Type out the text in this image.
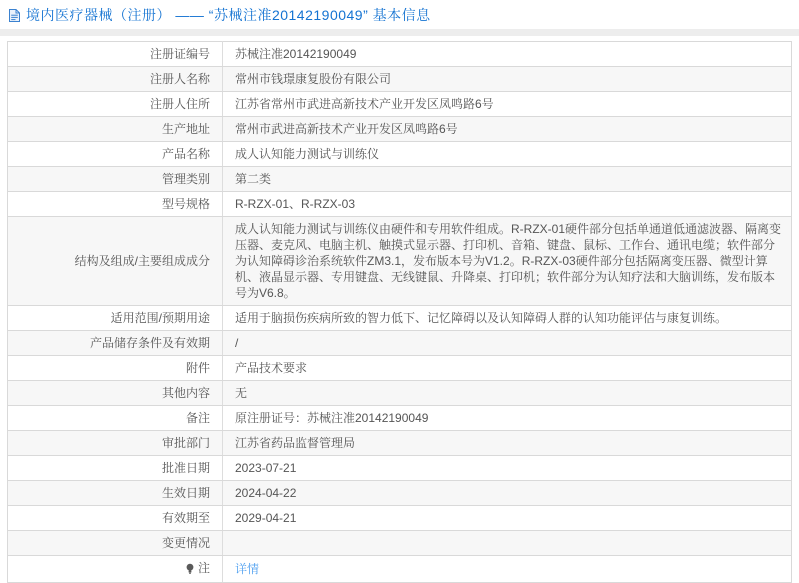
境内医疗器械（注册） —— “苏械注准20142190049” 基本信息
注册证编号	苏械注准20142190049

注册人名称	常州市钱璟康复股份有限公司

注册人住所	江苏省常州市武进高新技术产业开发区凤鸣路6号

生产地址	常州市武进高新技术产业开发区凤鸣路6号

产品名称	成人认知能力测试与训练仪

管理类别	第二类

型号规格	R-RZX-01、R-RZX-03

结构及组成/主要组成成分	成人认知能力测试与训练仪由硬件和专用软件组成。R-RZX-01硬件部分包括单通道低通滤波器、隔离变压器、麦克风、电脑主机、触摸式显示器、打印机、音箱、键盘、鼠标、工作台、通讯电缆；软件部分为认知障碍诊治系统软件ZM3.1，发布版本号为V1.2。R-RZX-03硬件部分包括隔离变压器、微型计算机、液晶显示器、专用键盘、无线键鼠、升降桌、打印机；软件部分为认知疗法和大脑训练，发布版本号为V6.8。

适用范围/预期用途	适用于脑损伤疾病所致的智力低下、记忆障碍以及认知障碍人群的认知功能评估与康复训练。

产品储存条件及有效期	/

附件	产品技术要求

其他内容	无

备注	原注册证号：苏械注准20142190049

审批部门	江苏省药品监督管理局

批准日期	2023-07-21

生效日期	2024-04-22

有效期至	2029-04-21

变更情况	

注	详情
